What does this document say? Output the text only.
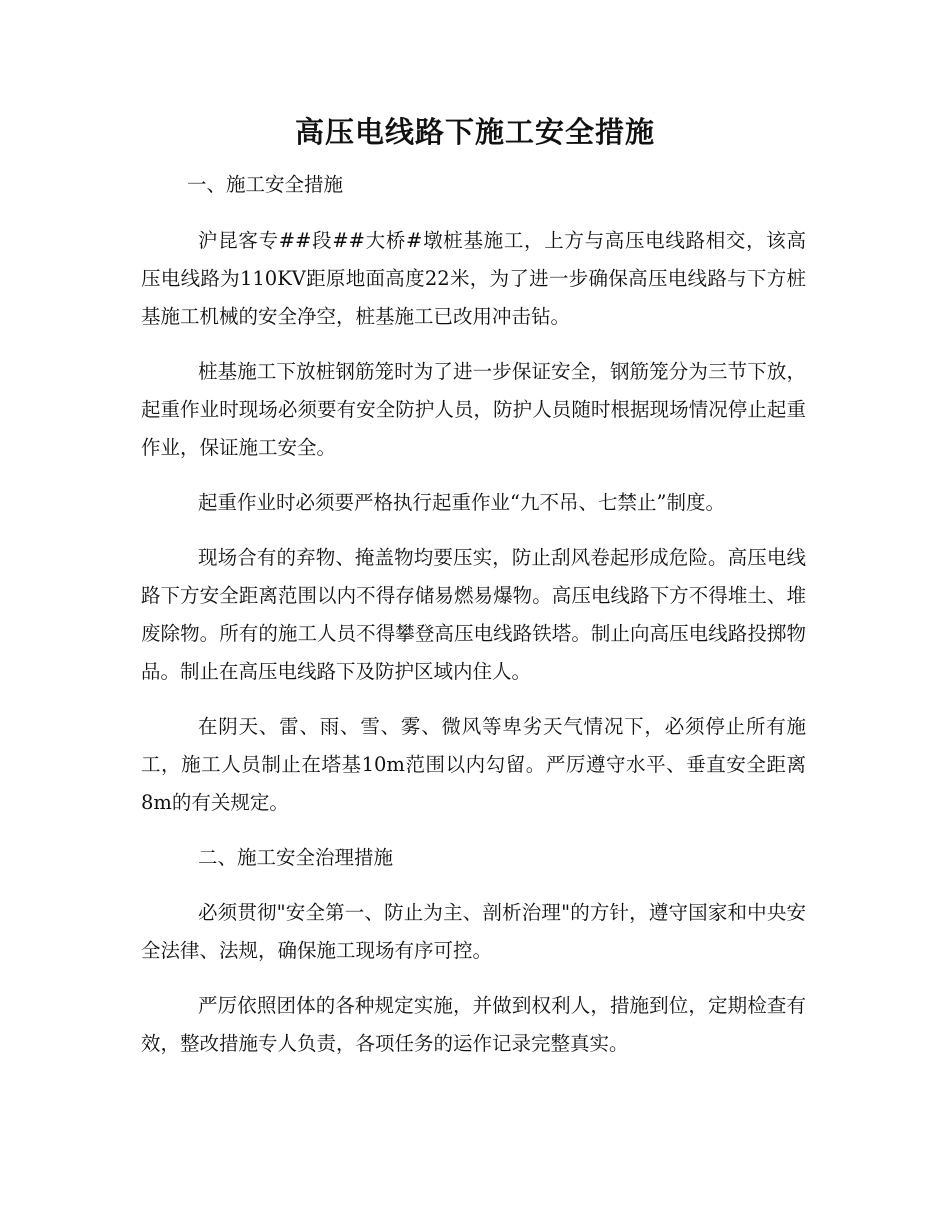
高压电线路下施工安全措施

一、施工安全措施

沪昆客专##段##大桥#墩桩基施工，上方与高压电线路相交，该高压电线路为110KV距原地面高度22米，为了进一步确保高压电线路与下方桩基施工机械的安全净空，桩基施工已改用冲击钻。

桩基施工下放桩钢筋笼时为了进一步保证安全，钢筋笼分为三节下放，起重作业时现场必须要有安全防护人员，防护人员随时根据现场情况停止起重作业，保证施工安全。

起重作业时必须要严格执行起重作业“九不吊、七禁止”制度。

现场合有的弃物、掩盖物均要压实，防止刮风卷起形成危险。高压电线路下方安全距离范围以内不得存储易燃易爆物。高压电线路下方不得堆土、堆废除物。所有的施工人员不得攀登高压电线路铁塔。制止向高压电线路投掷物品。制止在高压电线路下及防护区域内住人。

在阴天、雷、雨、雪、雾、微风等卑劣天气情况下，必须停止所有施工，施工人员制止在塔基10m范围以内勾留。严厉遵守水平、垂直安全距离8m的有关规定。

二、施工安全治理措施

必须贯彻"安全第一、防止为主、剖析治理"的方针，遵守国家和中央安全法律、法规，确保施工现场有序可控。

严厉依照团体的各种规定实施，并做到权利人，措施到位，定期检查有效，整改措施专人负责，各项任务的运作记录完整真实。
